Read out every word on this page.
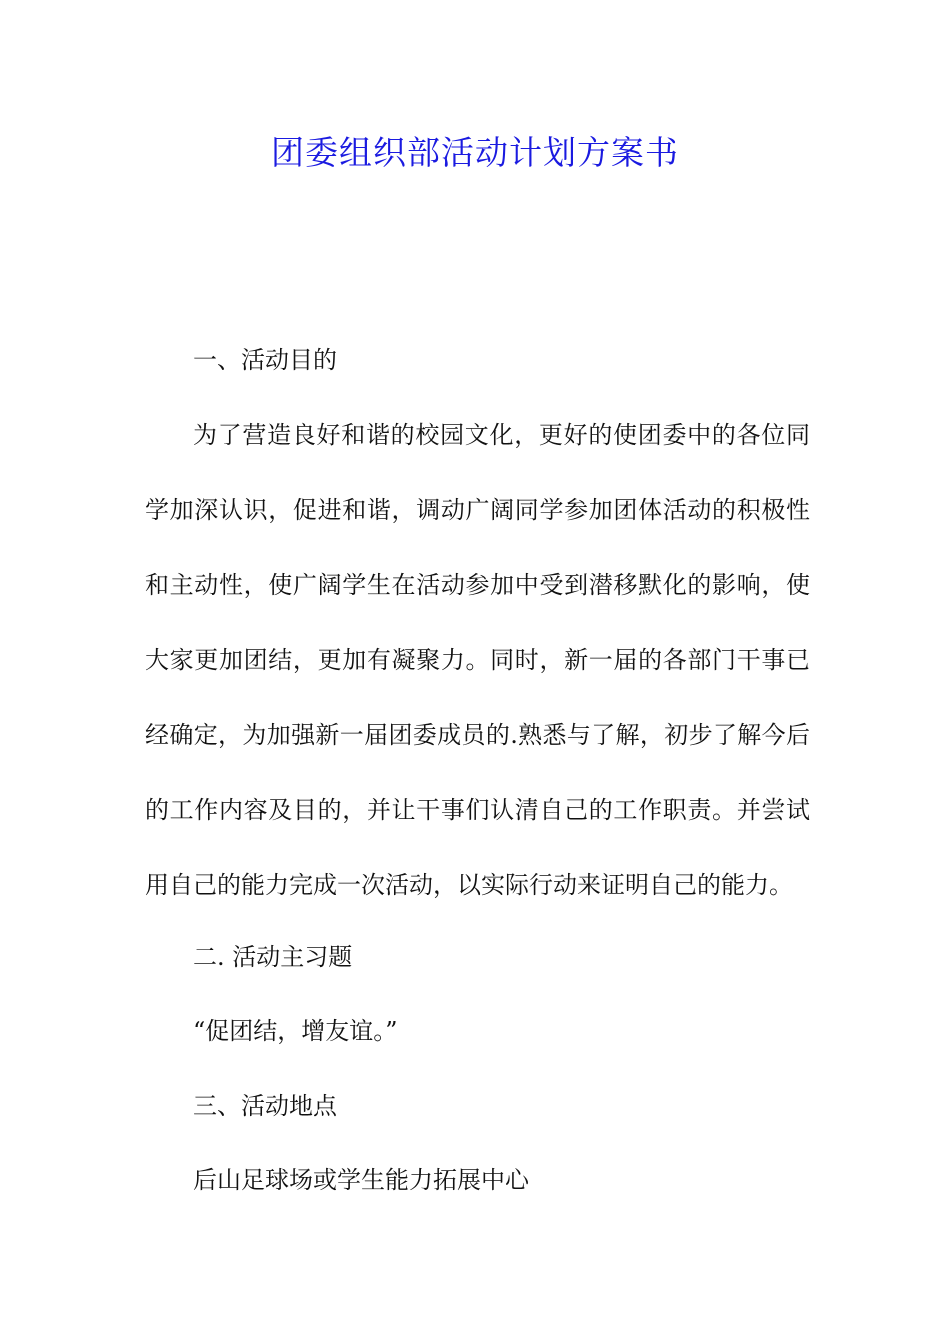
团委组织部活动计划方案书

一、活动目的

为了营造良好和谐的校园文化，更好的使团委中的各位同学加深认识，促进和谐，调动广阔同学参加团体活动的积极性和主动性，使广阔学生在活动参加中受到潜移默化的影响，使大家更加团结，更加有凝聚力。同时，新一届的各部门干事已经确定，为加强新一届团委成员的.熟悉与了解，初步了解今后的工作内容及目的，并让干事们认清自己的工作职责。并尝试用自己的能力完成一次活动，以实际行动来证明自己的能力。

二. 活动主习题

“促团结，增友谊。”

三、活动地点

后山足球场或学生能力拓展中心
